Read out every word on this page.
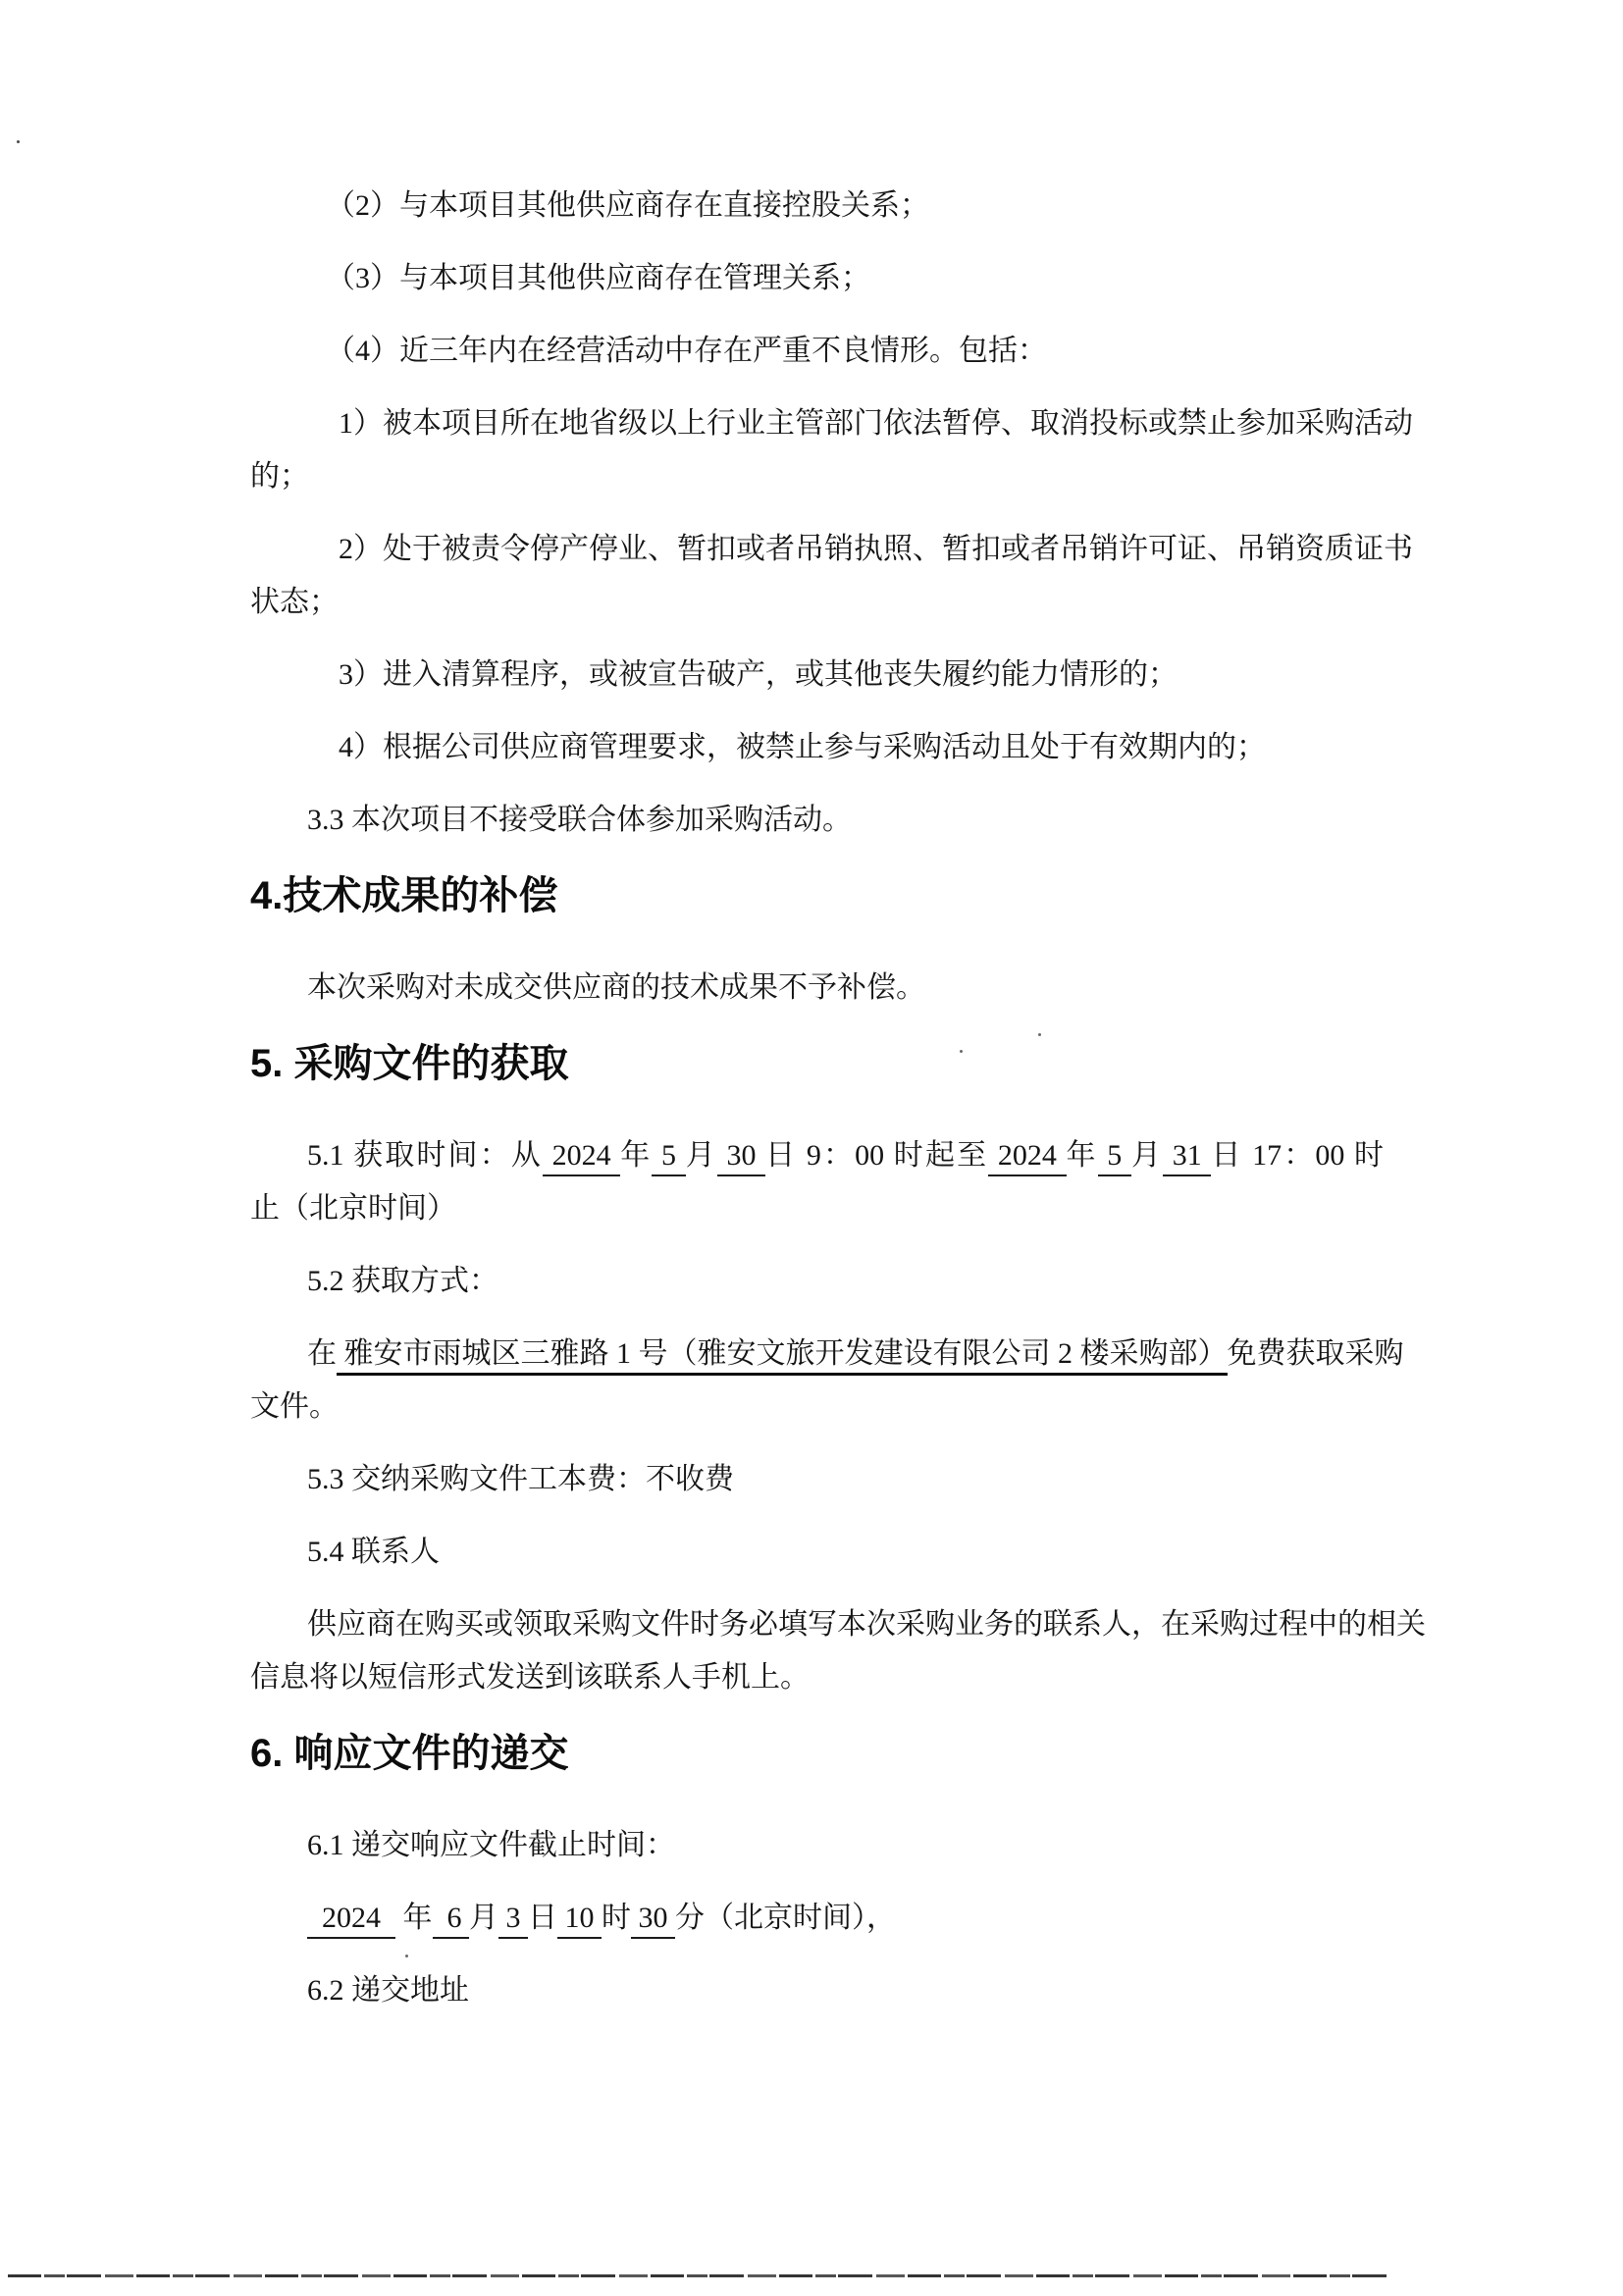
（2）与本项目其他供应商存在直接控股关系；
（3）与本项目其他供应商存在管理关系；
（4）近三年内在经营活动中存在严重不良情形。包括：
1）被本项目所在地省级以上行业主管部门依法暂停、取消投标或禁止参加采购活动
的；
2）处于被责令停产停业、暂扣或者吊销执照、暂扣或者吊销许可证、吊销资质证书
状态；
3）进入清算程序，或被宣告破产，或其他丧失履约能力情形的；
4）根据公司供应商管理要求，被禁止参与采购活动且处于有效期内的；
3.3 本次项目不接受联合体参加采购活动。
4.技术成果的补偿
本次采购对未成交供应商的技术成果不予补偿。
5. 采购文件的获取
5.1 获取时间：从 2024 年 5 月 30 日 9：00 时起至 2024 年 5 月 31 日 17：00 时
止（北京时间）
5.2 获取方式：
在 雅安市雨城区三雅路 1 号（雅安文旅开发建设有限公司 2 楼采购部）免费获取采购
文件。
5.3 交纳采购文件工本费：不收费
5.4 联系人
供应商在购买或领取采购文件时务必填写本次采购业务的联系人，在采购过程中的相关
信息将以短信形式发送到该联系人手机上。
6. 响应文件的递交
6.1 递交响应文件截止时间：
2024   年  6 月 3 日 10 时 30 分（北京时间），
6.2 递交地址
